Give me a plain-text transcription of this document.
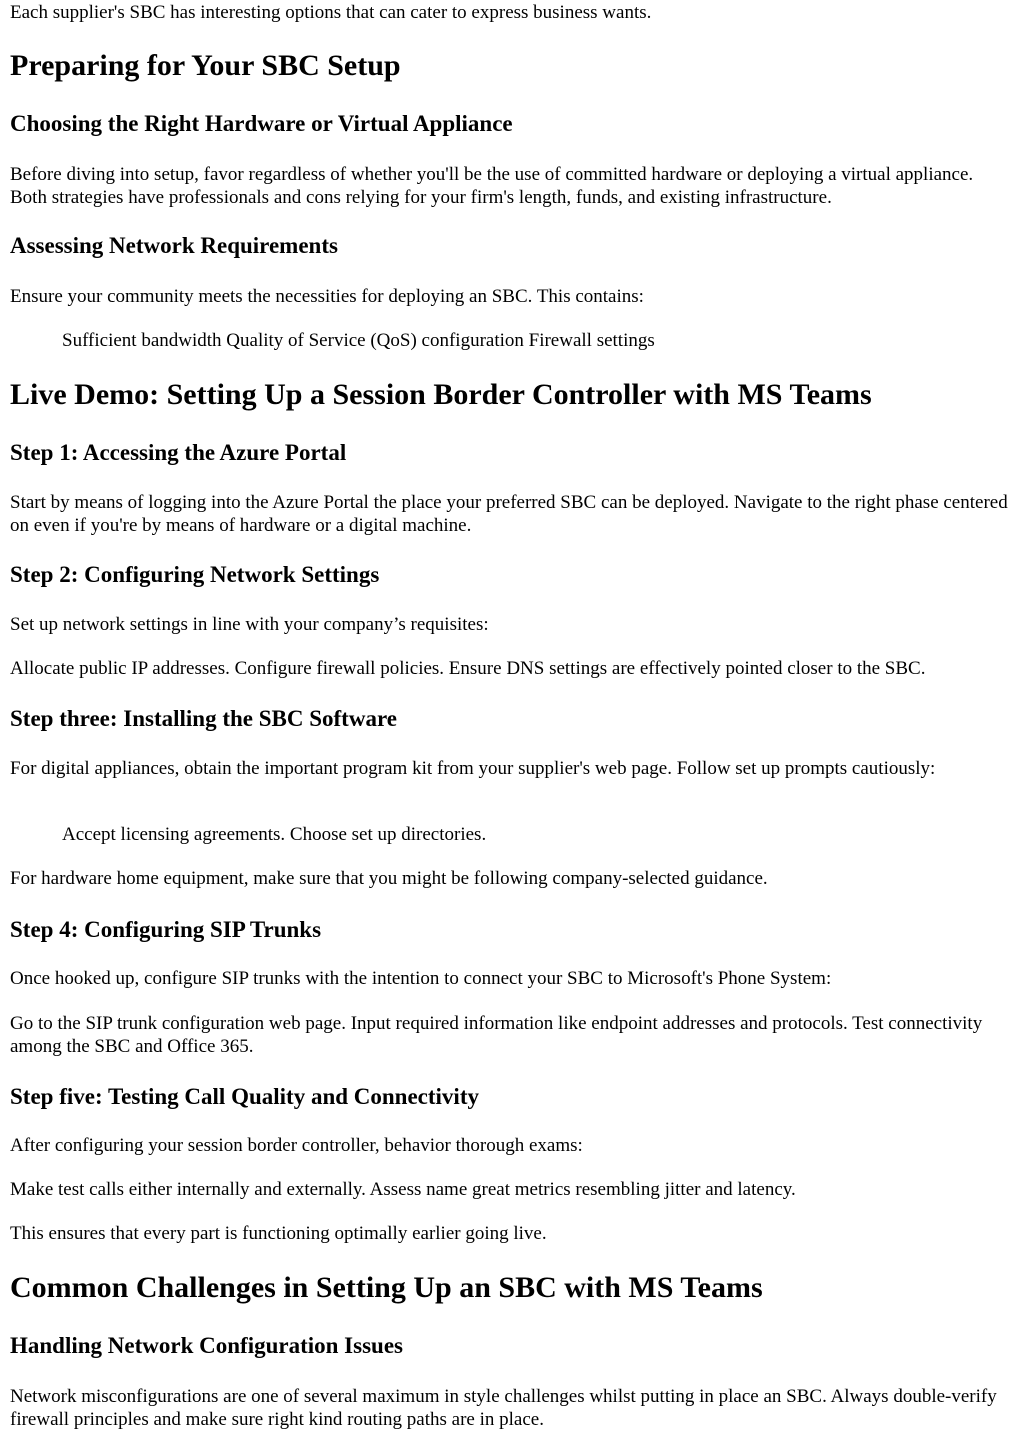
Each supplier's SBC has interesting options that can cater to express business wants.

Preparing for Your SBC Setup
Choosing the Right Hardware or Virtual Appliance

Before diving into setup, favor regardless of whether you'll be the use of committed hardware or deploying a virtual appliance. Both strategies have professionals and cons relying for your firm's length, funds, and existing infrastructure.

Assessing Network Requirements

Ensure your community meets the necessities for deploying an SBC. This contains:

Sufficient bandwidth Quality of Service (QoS) configuration Firewall settings

Live Demo: Setting Up a Session Border Controller with MS Teams
Step 1: Accessing the Azure Portal

Start by means of logging into the Azure Portal the place your preferred SBC can be deployed. Navigate to the right phase centered on even if you're by means of hardware or a digital machine.

Step 2: Configuring Network Settings

Set up network settings in line with your company’s requisites:

Allocate public IP addresses. Configure firewall policies. Ensure DNS settings are effectively pointed closer to the SBC.

Step three: Installing the SBC Software

For digital appliances, obtain the important program kit from your supplier's web page. Follow set up prompts cautiously:

Accept licensing agreements. Choose set up directories.

For hardware home equipment, make sure that you might be following company-selected guidance.

Step 4: Configuring SIP Trunks

Once hooked up, configure SIP trunks with the intention to connect your SBC to Microsoft's Phone System:

Go to the SIP trunk configuration web page. Input required information like endpoint addresses and protocols. Test connectivity among the SBC and Office 365.

Step five: Testing Call Quality and Connectivity

After configuring your session border controller, behavior thorough exams:

Make test calls either internally and externally. Assess name great metrics resembling jitter and latency.

This ensures that every part is functioning optimally earlier going live.

Common Challenges in Setting Up an SBC with MS Teams
Handling Network Configuration Issues

Network misconfigurations are one of several maximum in style challenges whilst putting in place an SBC. Always double-verify firewall principles and make sure right kind routing paths are in place.
